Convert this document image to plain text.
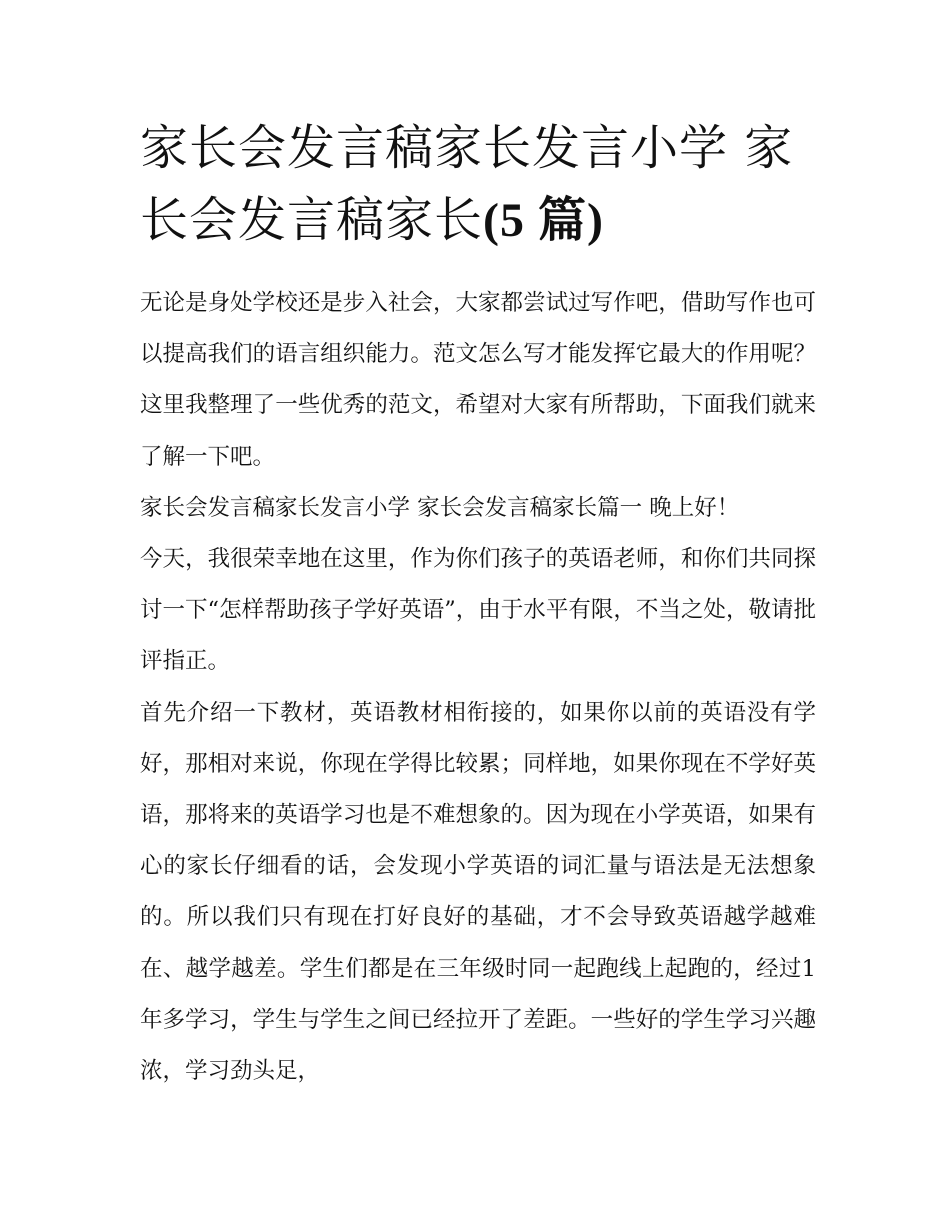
家长会发言稿家长发言小学 家长会发言稿家长(5 篇)

无论是身处学校还是步入社会，大家都尝试过写作吧，借助写作也可以提高我们的语言组织能力。范文怎么写才能发挥它最大的作用呢？这里我整理了一些优秀的范文，希望对大家有所帮助，下面我们就来了解一下吧。

家长会发言稿家长发言小学 家长会发言稿家长篇一 晚上好！

今天，我很荣幸地在这里，作为你们孩子的英语老师，和你们共同探讨一下“怎样帮助孩子学好英语”，由于水平有限，不当之处，敬请批评指正。

首先介绍一下教材，英语教材相衔接的，如果你以前的英语没有学好，那相对来说，你现在学得比较累；同样地，如果你现在不学好英语，那将来的英语学习也是不难想象的。因为现在小学英语，如果有心的家长仔细看的话，会发现小学英语的词汇量与语法是无法想象的。所以我们只有现在打好良好的基础，才不会导致英语越学越难在、越学越差。学生们都是在三年级时同一起跑线上起跑的，经过1年多学习，学生与学生之间已经拉开了差距。一些好的学生学习兴趣浓，学习劲头足，
